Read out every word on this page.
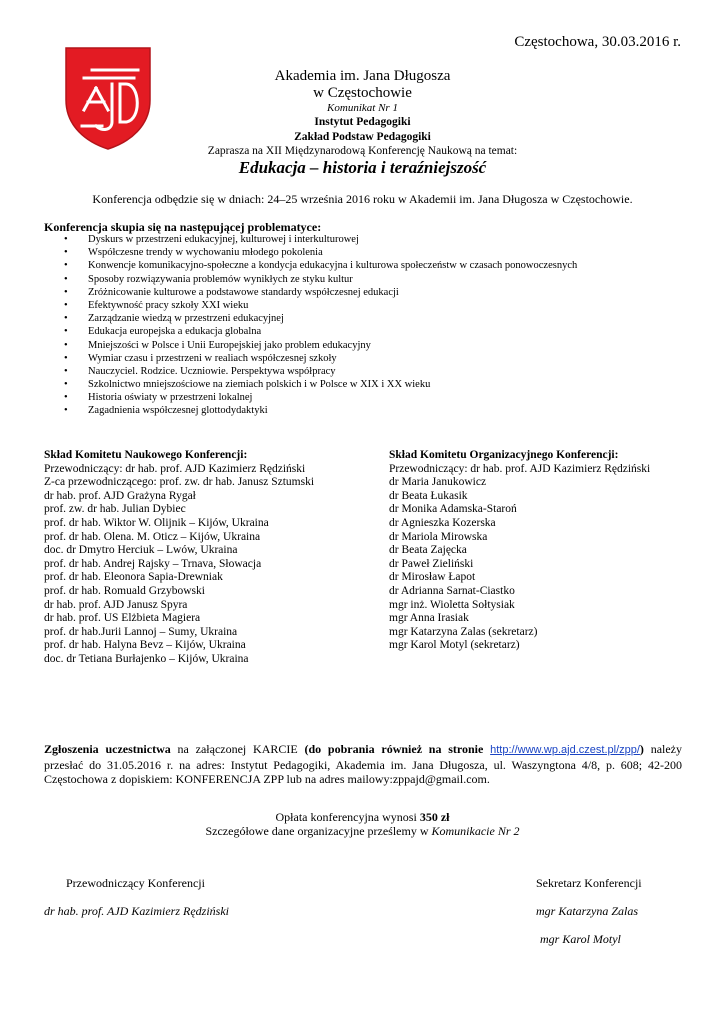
Częstochowa, 30.03.2016 r.
Akademia im. Jana Długosza
w Częstochowie
Komunikat Nr 1
Instytut Pedagogiki
Zakład Podstaw Pedagogiki
Zaprasza na XII Międzynarodową Konferencję Naukową na temat:
Edukacja – historia i teraźniejszość
Konferencja odbędzie się w dniach: 24–25 września 2016 roku w Akademii im. Jana Długosza w Częstochowie.
Konferencja skupia się na następującej problematyce:
• Dyskurs w przestrzeni edukacyjnej, kulturowej i interkulturowej
• Współczesne trendy w wychowaniu młodego pokolenia
• Konwencje komunikacyjno-społeczne a kondycja edukacyjna i kulturowa społeczeństw w czasach ponowoczesnych
• Sposoby rozwiązywania problemów wynikłych ze styku kultur
• Zróżnicowanie kulturowe a podstawowe standardy współczesnej edukacji
• Efektywność pracy szkoły XXI wieku
• Zarządzanie wiedzą w przestrzeni edukacyjnej
• Edukacja europejska a edukacja globalna
• Mniejszości w Polsce i Unii Europejskiej jako problem edukacyjny
• Wymiar czasu i przestrzeni w realiach współczesnej szkoły
• Nauczyciel. Rodzice. Uczniowie. Perspektywa współpracy
• Szkolnictwo mniejszościowe na ziemiach polskich i w Polsce w XIX i XX wieku
• Historia oświaty w przestrzeni lokalnej
• Zagadnienia współczesnej glottodydaktyki
Skład Komitetu Naukowego Konferencji:
Przewodniczący: dr hab. prof. AJD Kazimierz Rędziński
Z-ca przewodniczącego: prof. zw. dr hab. Janusz Sztumski
dr hab. prof. AJD Grażyna Rygał
prof. zw. dr hab. Julian Dybiec
prof. dr hab. Wiktor W. Olijnik – Kijów, Ukraina
prof. dr hab. Olena. M. Oticz – Kijów, Ukraina
doc. dr Dmytro Herciuk – Lwów, Ukraina
prof. dr hab. Andrej Rajsky – Trnava, Słowacja
prof. dr hab. Eleonora Sapia-Drewniak
prof. dr hab. Romuald Grzybowski
dr hab. prof. AJD Janusz Spyra
dr hab. prof. US Elżbieta Magiera
prof. dr hab.Jurii Lannoj – Sumy, Ukraina
prof. dr hab. Halyna Bevz – Kijów, Ukraina
doc. dr Tetiana Burłajenko – Kijów, Ukraina
Skład Komitetu Organizacyjnego Konferencji:
Przewodniczący: dr hab. prof. AJD Kazimierz Rędziński
dr Maria Janukowicz
dr Beata Łukasik
dr Monika Adamska-Staroń
dr Agnieszka Kozerska
dr Mariola Mirowska
dr Beata Zajęcka
dr Paweł Zieliński
dr Mirosław Łapot
dr Adrianna Sarnat-Ciastko
mgr inż. Wioletta Sołtysiak
mgr Anna Irasiak
mgr Katarzyna Zalas (sekretarz)
mgr Karol Motyl (sekretarz)
Zgłoszenia uczestnictwa na załączonej KARCIE (do pobrania również na stronie http://www.wp.ajd.czest.pl/zpp/) należy przesłać do 31.05.2016 r. na adres: Instytut Pedagogiki, Akademia im. Jana Długosza, ul. Waszyngtona 4/8, p. 608; 42-200 Częstochowa z dopiskiem: KONFERENCJA ZPP lub na adres mailowy:zppajd@gmail.com.
Opłata konferencyjna wynosi 350 zł
Szczegółowe dane organizacyjne prześlemy w Komunikacie Nr 2
Przewodniczący Konferencji	Sekretarz Konferencji
dr hab. prof. AJD Kazimierz Rędziński	mgr Katarzyna Zalas
mgr Karol Motyl
